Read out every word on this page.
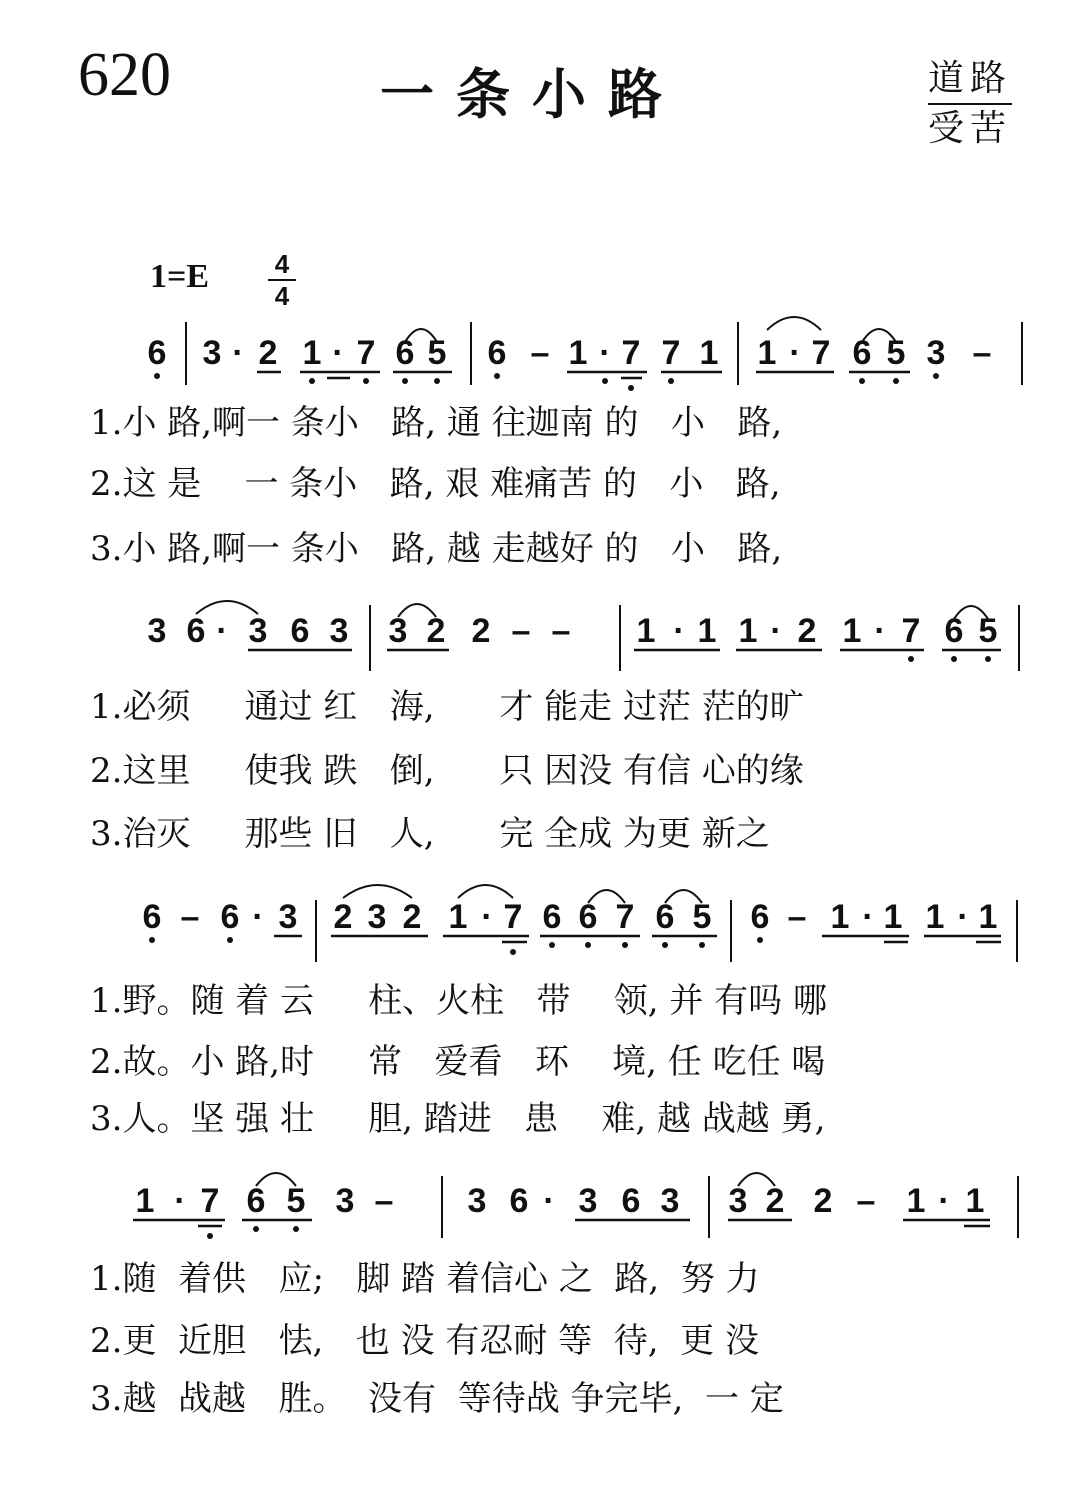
620	一条小路	道路
受苦
1=E	4
4
6 3 · 2 1 · 7 6 5 6 – 1 · 7 7 1 1 · 7 6 5 3 –
1.小 路,啊一 条小   路, 通 往迦南 的   小   路,
2.这 是    一 条小   路, 艰 难痛苦 的   小   路,
3.小 路,啊一 条小   路, 越 走越好 的   小   路,
3 6 · 3 6 3 3 2 2 – – 1 · 1 1 · 2 1 · 7 6 5
1.必须     通过 红   海,      才 能走 过茫 茫的旷
2.这里     使我 跌   倒,      只 因没 有信 心的缘
3.治灭     那些 旧   人,      完 全成 为更 新之
6 – 6 · 3 2 3 2 1 · 7 6 6 7 6 5 6 – 1 · 1 1 · 1
1.野。随 着 云     柱、火柱   带    领, 并 有吗 哪
2.故。小 路,时     常   爱看   环    境, 任 吃任 喝
3.人。坚 强 壮     胆, 踏进   患    难, 越 战越 勇,
1 · 7 6 5 3 – 3 6 · 3 6 3 3 2 2 – 1 · 1
1.随  着供   应;   脚 踏 着信心 之  路,  努 力
2.更  近胆   怯,   也 没 有忍耐 等  待,  更 没
3.越  战越   胜。  没有  等待战 争完毕,  一 定
